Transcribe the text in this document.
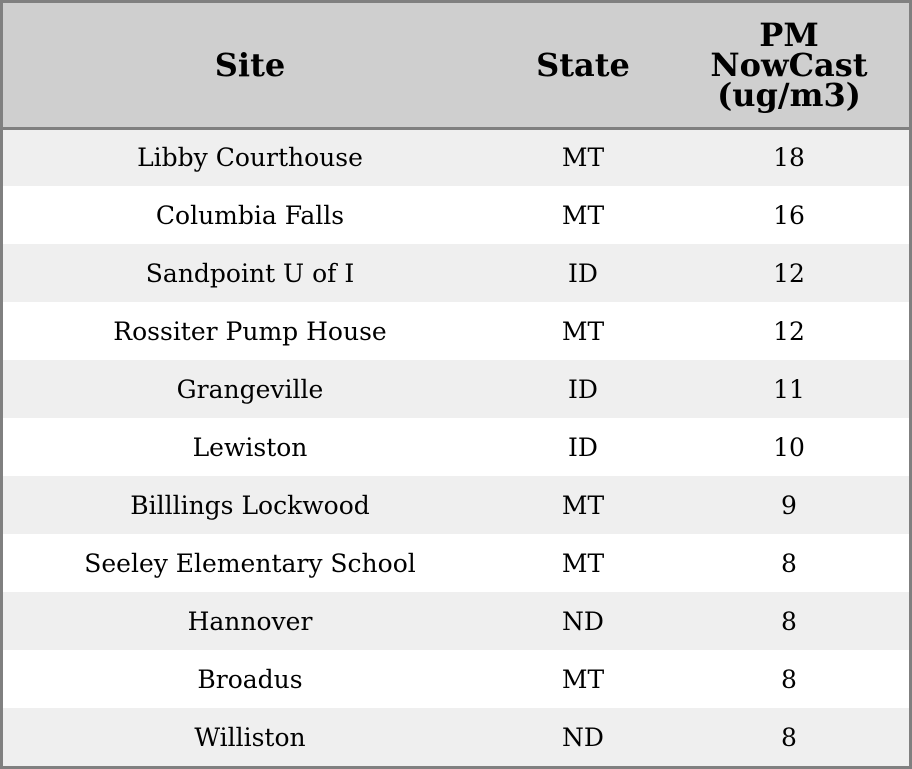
Site	State	PM
NowCast
(ug/m3)

Libby Courthouse	MT	18
Columbia Falls	MT	16
Sandpoint U of I	ID	12
Rossiter Pump House	MT	12
Grangeville	ID	11
Lewiston	ID	10
Billlings Lockwood	MT	9
Seeley Elementary School	MT	8
Hannover	ND	8
Broadus	MT	8
Williston	ND	8
